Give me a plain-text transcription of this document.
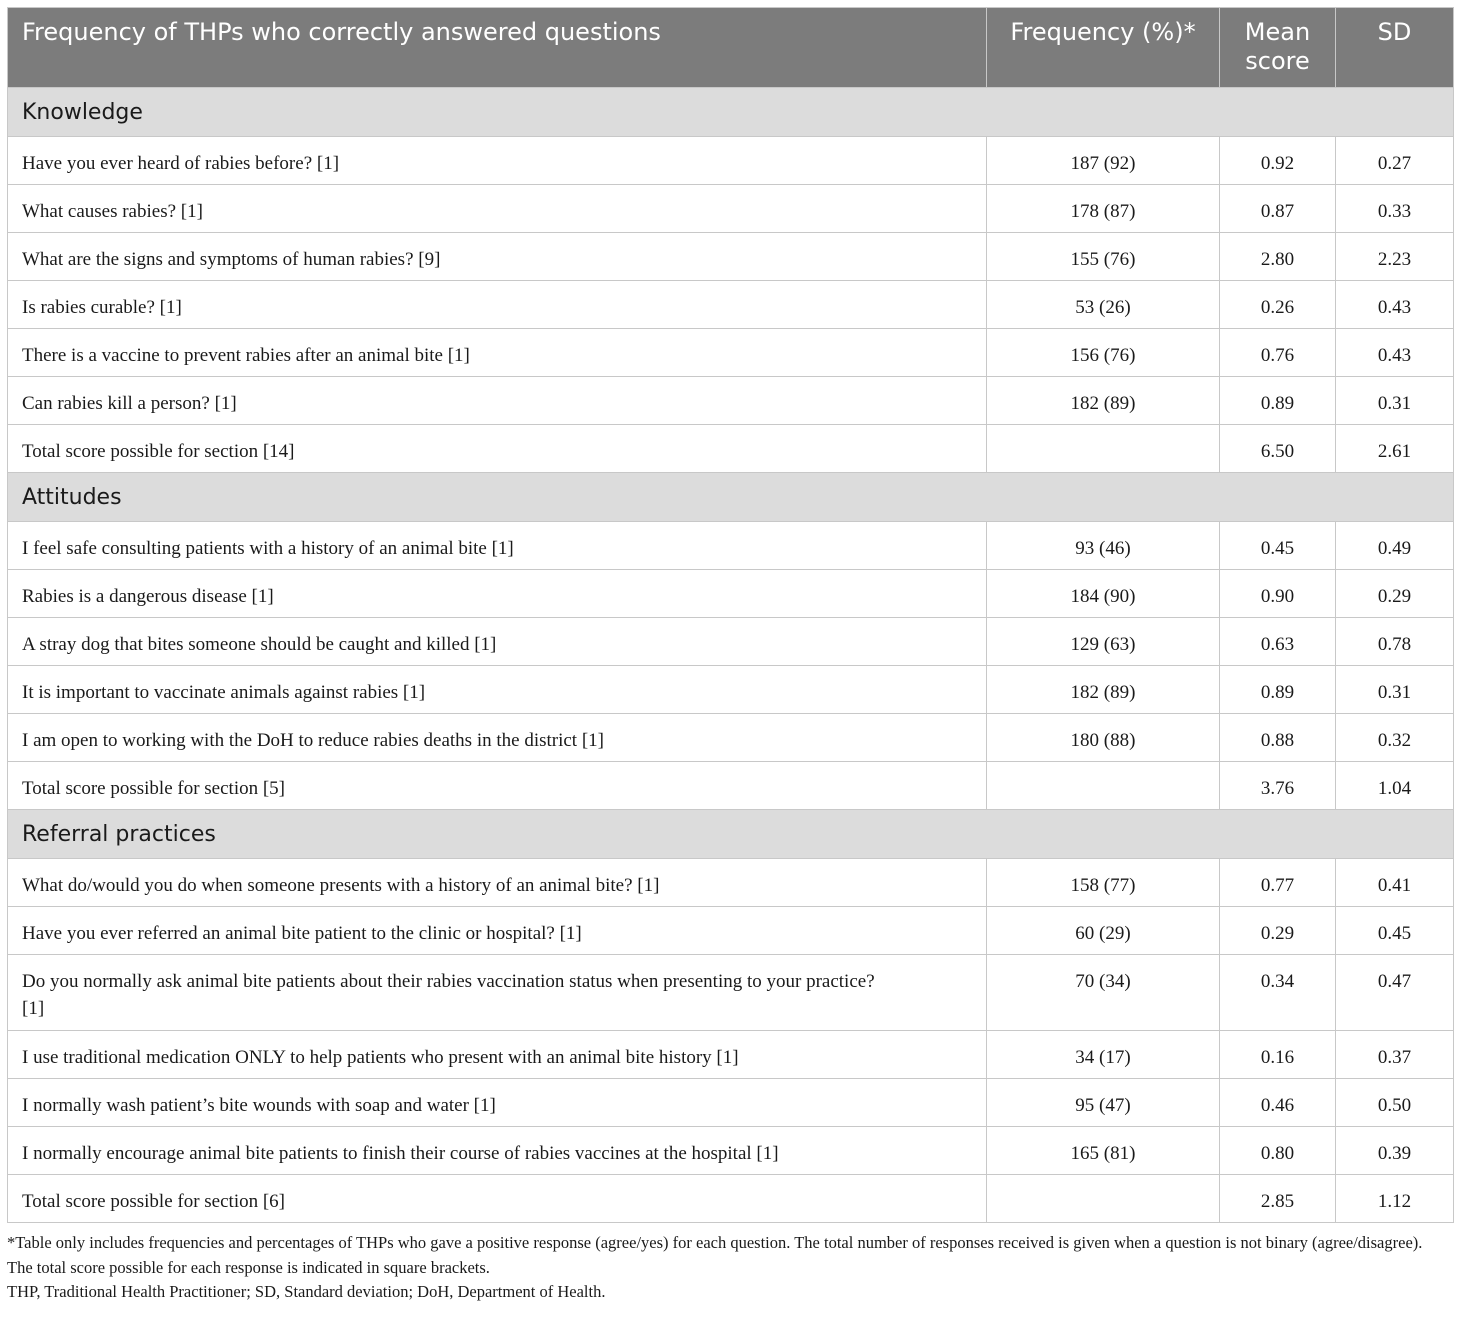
Frequency of THPs who correctly answered questions	Frequency (%)*	Mean score	SD
Knowledge			
Have you ever heard of rabies before? [1]	187 (92)	0.92	0.27
What causes rabies? [1]	178 (87)	0.87	0.33
What are the signs and symptoms of human rabies? [9]	155 (76)	2.80	2.23
Is rabies curable? [1]	53 (26)	0.26	0.43
There is a vaccine to prevent rabies after an animal bite [1]	156 (76)	0.76	0.43
Can rabies kill a person? [1]	182 (89)	0.89	0.31
Total score possible for section [14]		6.50	2.61
Attitudes			
I feel safe consulting patients with a history of an animal bite [1]	93 (46)	0.45	0.49
Rabies is a dangerous disease [1]	184 (90)	0.90	0.29
A stray dog that bites someone should be caught and killed [1]	129 (63)	0.63	0.78
It is important to vaccinate animals against rabies [1]	182 (89)	0.89	0.31
I am open to working with the DoH to reduce rabies deaths in the district [1]	180 (88)	0.88	0.32
Total score possible for section [5]		3.76	1.04
Referral practices			
What do/would you do when someone presents with a history of an animal bite? [1]	158 (77)	0.77	0.41
Have you ever referred an animal bite patient to the clinic or hospital? [1]	60 (29)	0.29	0.45
Do you normally ask animal bite patients about their rabies vaccination status when presenting to your practice? [1]	70 (34)	0.34	0.47
I use traditional medication ONLY to help patients who present with an animal bite history [1]	34 (17)	0.16	0.37
I normally wash patient’s bite wounds with soap and water [1]	95 (47)	0.46	0.50
I normally encourage animal bite patients to finish their course of rabies vaccines at the hospital [1]	165 (81)	0.80	0.39
Total score possible for section [6]		2.85	1.12

*Table only includes frequencies and percentages of THPs who gave a positive response (agree/yes) for each question. The total number of responses received is given when a question is not binary (agree/disagree).

The total score possible for each response is indicated in square brackets.

THP, Traditional Health Practitioner; SD, Standard deviation; DoH, Department of Health.
